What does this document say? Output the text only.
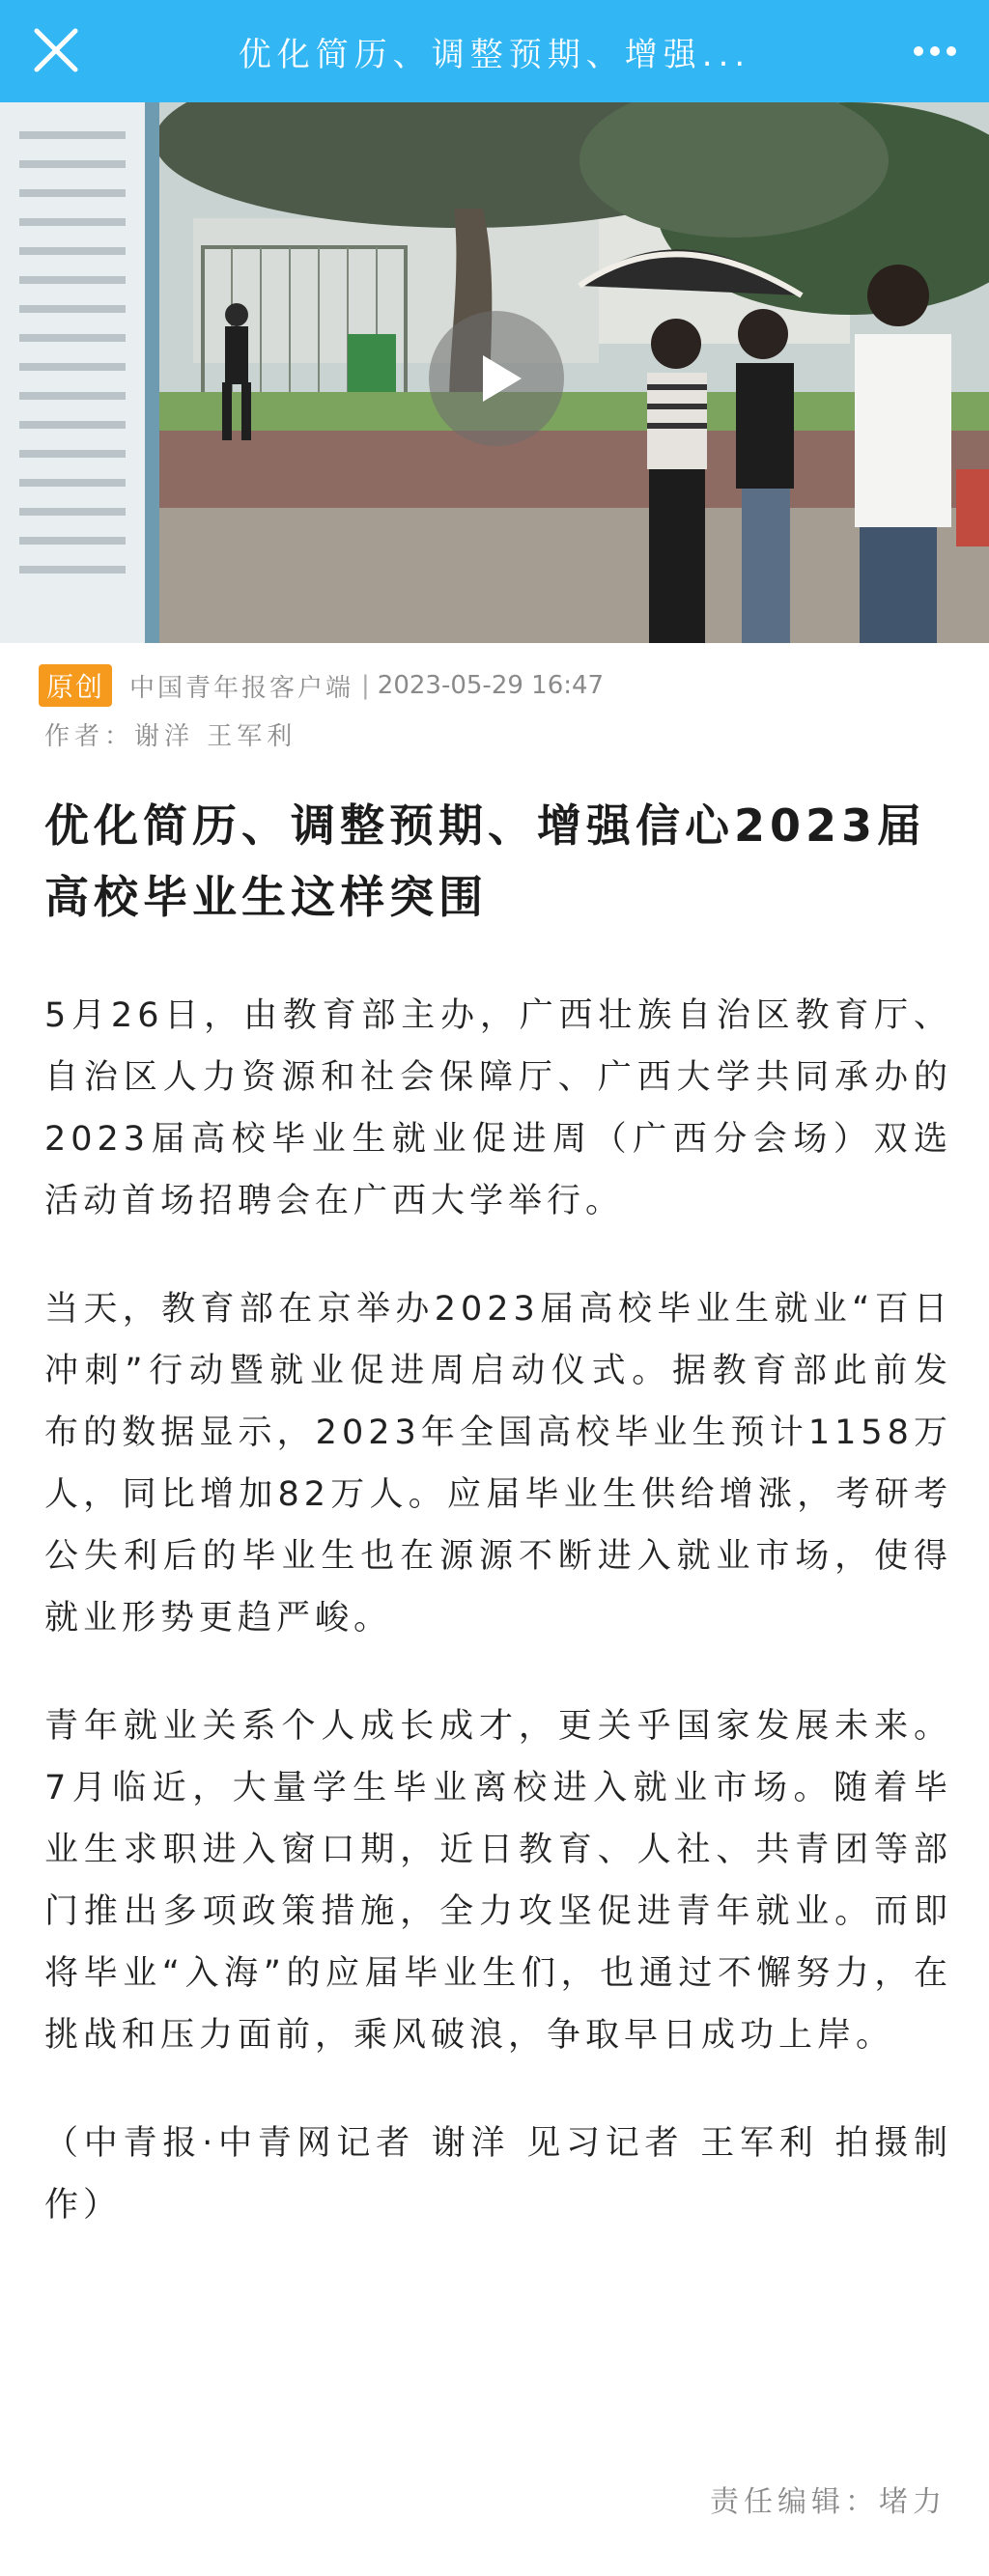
优化简历、调整预期、增强...
原创	中国青年报客户端 | 2023-05-29 16:47
作者：谢洋 王军利
优化简历、调整预期、增强信心2023届高校毕业生这样突围

5月26日，由教育部主办，广西壮族自治区教育厅、自治区人力资源和社会保障厅、广西大学共同承办的2023届高校毕业生就业促进周（广西分会场）双选活动首场招聘会在广西大学举行。

当天，教育部在京举办2023届高校毕业生就业“百日冲刺”行动暨就业促进周启动仪式。据教育部此前发布的数据显示，2023年全国高校毕业生预计1158万人，同比增加82万人。应届毕业生供给增涨，考研考公失利后的毕业生也在源源不断进入就业市场，使得就业形势更趋严峻。

青年就业关系个人成长成才，更关乎国家发展未来。7月临近，大量学生毕业离校进入就业市场。随着毕业生求职进入窗口期，近日教育、人社、共青团等部门推出多项政策措施，全力攻坚促进青年就业。而即将毕业“入海”的应届毕业生们，也通过不懈努力，在挑战和压力面前，乘风破浪，争取早日成功上岸。

（中青报·中青网记者 谢洋 见习记者 王军利 拍摄制作）

责任编辑：堵力
